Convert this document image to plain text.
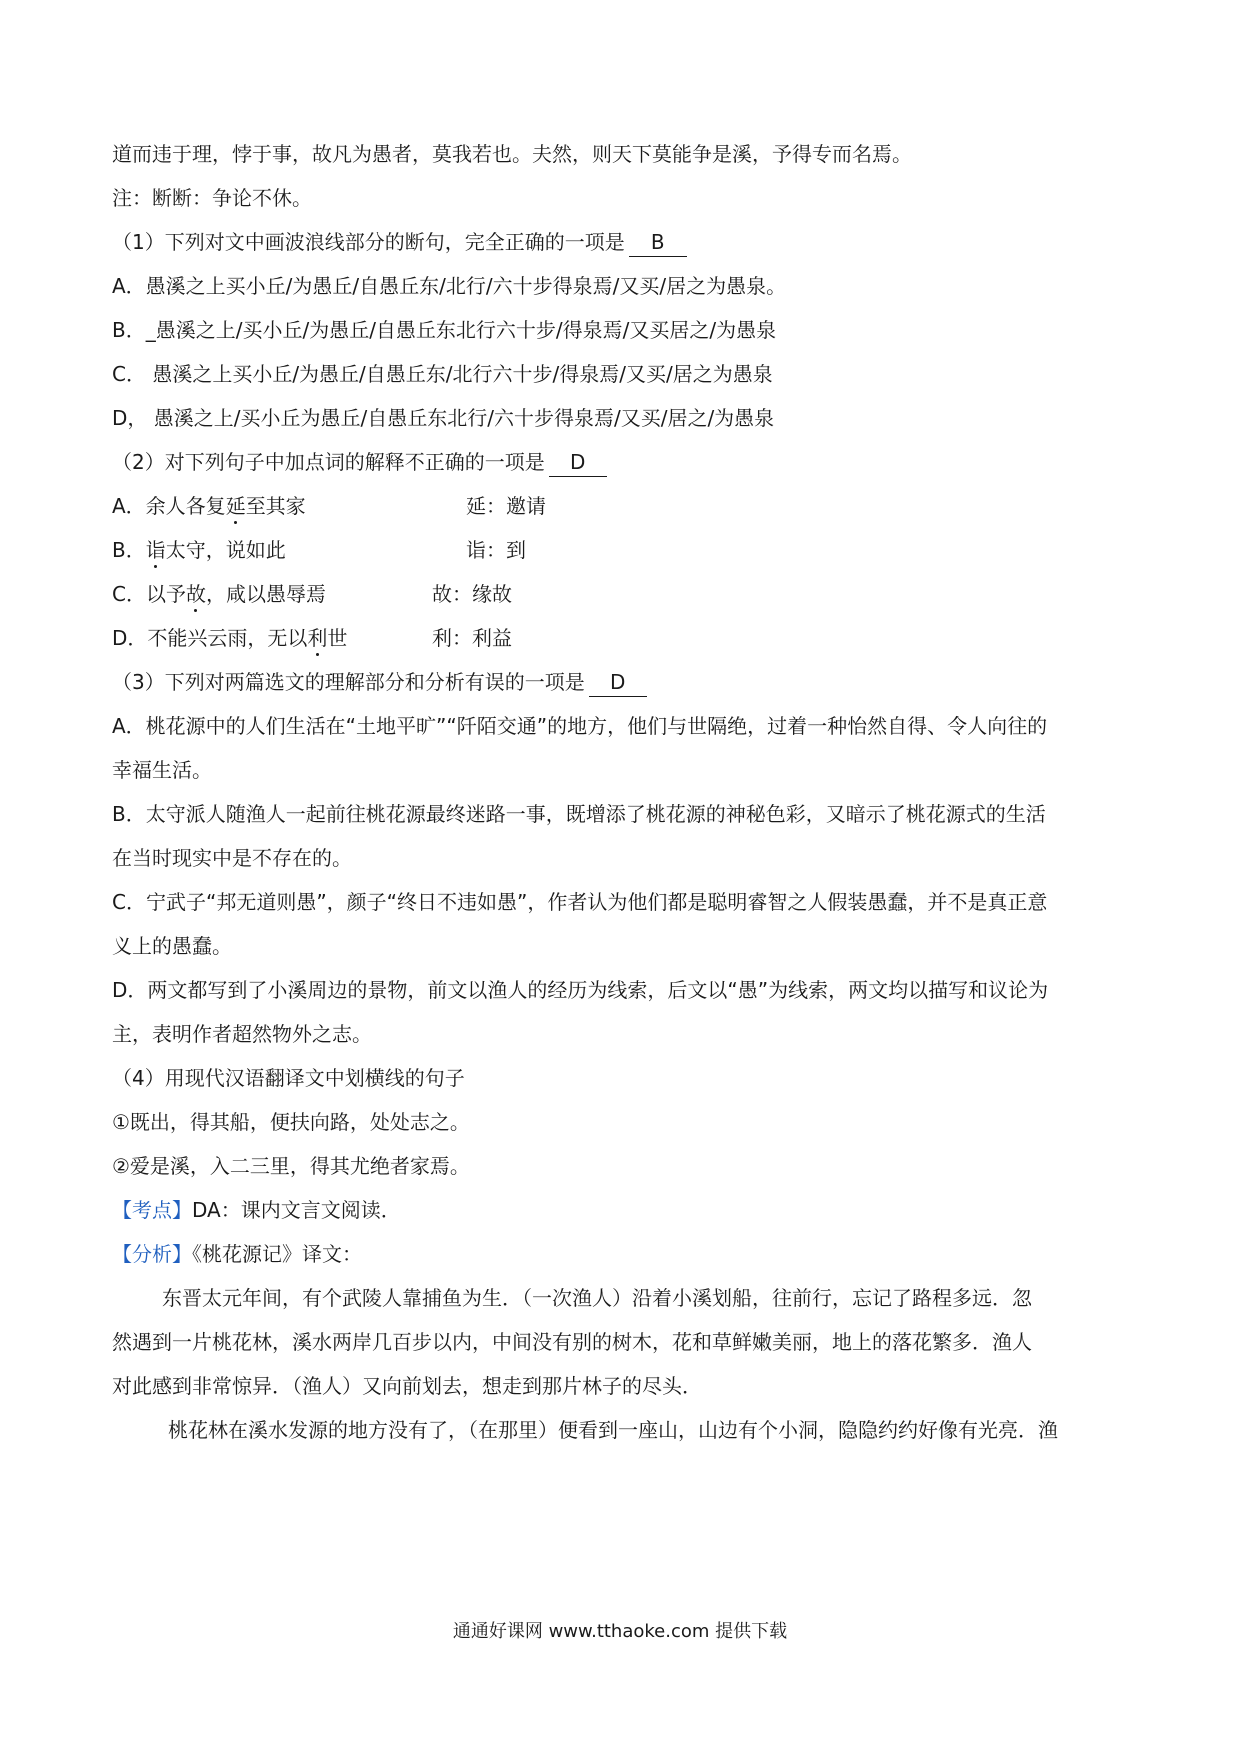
道而违于理，悖于事，故凡为愚者，莫我若也。夫然，则天下莫能争是溪，予得专而名焉。
注：断断：争论不休。
（1）下列对文中画波浪线部分的断句，完全正确的一项是 B
A．愚溪之上买小丘/为愚丘/自愚丘东/北行/六十步得泉焉/又买/居之为愚泉。
B．_愚溪之上/买小丘/为愚丘/自愚丘东北行六十步/得泉焉/又买居之/为愚泉
C． 愚溪之上买小丘/为愚丘/自愚丘东/北行六十步/得泉焉/又买/居之为愚泉
D， 愚溪之上/买小丘为愚丘/自愚丘东北行/六十步得泉焉/又买/居之/为愚泉
（2）对下列句子中加点词的解释不正确的一项是 D
A．余人各复延至其家	延：邀请
B．诣太守，说如此	诣：到
C．以予故，咸以愚辱焉	故：缘故
D．不能兴云雨，无以利世	利：利益
（3）下列对两篇选文的理解部分和分析有误的一项是 D
A．桃花源中的人们生活在“土地平旷”“阡陌交通”的地方，他们与世隔绝，过着一种怡然自得、令人向往的
幸福生活。
B．太守派人随渔人一起前往桃花源最终迷路一事，既增添了桃花源的神秘色彩，又暗示了桃花源式的生活
在当时现实中是不存在的。
C．宁武子“邦无道则愚”，颜子“终日不违如愚”，作者认为他们都是聪明睿智之人假装愚蠢，并不是真正意
义上的愚蠢。
D．两文都写到了小溪周边的景物，前文以渔人的经历为线索，后文以“愚”为线索，两文均以描写和议论为
主，表明作者超然物外之志。
（4）用现代汉语翻译文中划横线的句子
①既出，得其船，便扶向路，处处志之。
②爱是溪，入二三里，得其尤绝者家焉。
【考点】DA：课内文言文阅读．
【分析】《桃花源记》译文：
东晋太元年间，有个武陵人靠捕鱼为生．（一次渔人）沿着小溪划船，往前行，忘记了路程多远．忽
然遇到一片桃花林，溪水两岸几百步以内，中间没有别的树木，花和草鲜嫩美丽，地上的落花繁多．渔人
对此感到非常惊异．（渔人）又向前划去，想走到那片林子的尽头．
桃花林在溪水发源的地方没有了，（在那里）便看到一座山，山边有个小洞，隐隐约约好像有光亮．渔
通通好课网 www.tthaoke.com 提供下载
